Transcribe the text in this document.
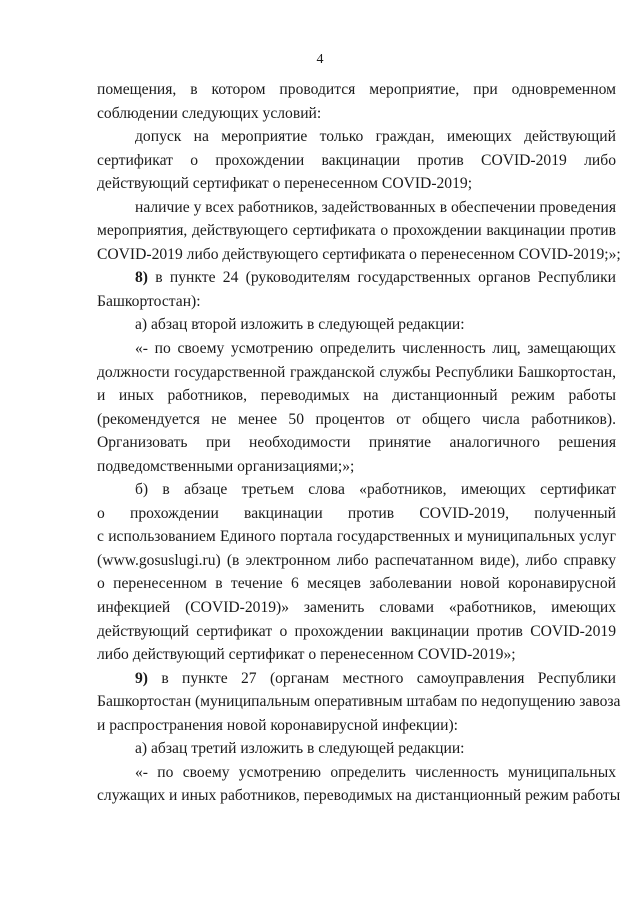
4
помещения, в котором проводится мероприятие, при одновременном
соблюдении следующих условий:
допуск на мероприятие только граждан, имеющих действующий
сертификат о прохождении вакцинации против COVID-2019 либо
действующий сертификат о перенесенном COVID-2019;
наличие у всех работников, задействованных в обеспечении проведения
мероприятия, действующего сертификата о прохождении вакцинации против
COVID-2019 либо действующего сертификата о перенесенном COVID-2019;»;
8) в пункте 24 (руководителям государственных органов Республики
Башкортостан):
а) абзац второй изложить в следующей редакции:
«- по своему усмотрению определить численность лиц, замещающих
должности государственной гражданской службы Республики Башкортостан,
и иных работников, переводимых на дистанционный режим работы
(рекомендуется не менее 50 процентов от общего числа работников).
Организовать при необходимости принятие аналогичного решения
подведомственными организациями;»;
б) в абзаце третьем слова «работников, имеющих сертификат
о прохождении вакцинации против COVID-2019, полученный
с использованием Единого портала государственных и муниципальных услуг
(www.gosuslugi.ru) (в электронном либо распечатанном виде), либо справку
о перенесенном в течение 6 месяцев заболевании новой коронавирусной
инфекцией (COVID-2019)» заменить словами «работников, имеющих
действующий сертификат о прохождении вакцинации против COVID-2019
либо действующий сертификат о перенесенном COVID-2019»;
9) в пункте 27 (органам местного самоуправления Республики
Башкортостан (муниципальным оперативным штабам по недопущению завоза
и распространения новой коронавирусной инфекции):
а) абзац третий изложить в следующей редакции:
«- по своему усмотрению определить численность муниципальных
служащих и иных работников, переводимых на дистанционный режим работы
